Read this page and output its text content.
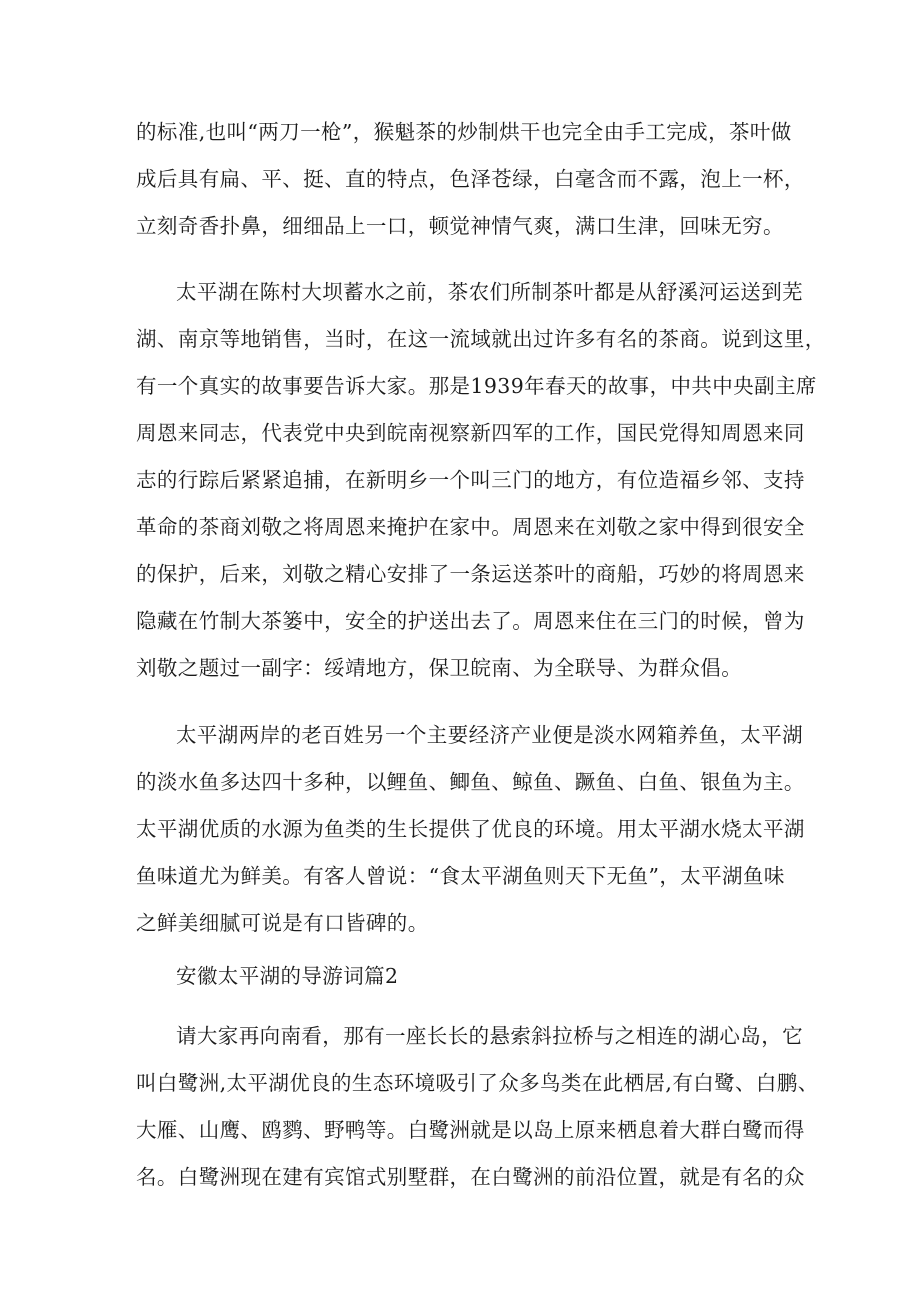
的标准,也叫“两刀一枪”，猴魁茶的炒制烘干也完全由手工完成，茶叶做
成后具有扁、平、挺、直的特点，色泽苍绿，白毫含而不露，泡上一杯，
立刻奇香扑鼻，细细品上一口，顿觉神情气爽，满口生津，回味无穷。
太平湖在陈村大坝蓄水之前，茶农们所制茶叶都是从舒溪河运送到芜
湖、南京等地销售，当时，在这一流域就出过许多有名的茶商。说到这里，
有一个真实的故事要告诉大家。那是1939年春天的故事，中共中央副主席
周恩来同志，代表党中央到皖南视察新四军的工作，国民党得知周恩来同
志的行踪后紧紧追捕，在新明乡一个叫三门的地方，有位造福乡邻、支持
革命的茶商刘敬之将周恩来掩护在家中。周恩来在刘敬之家中得到很安全
的保护，后来，刘敬之精心安排了一条运送茶叶的商船，巧妙的将周恩来
隐藏在竹制大茶篓中，安全的护送出去了。周恩来住在三门的时候，曾为
刘敬之题过一副字：绥靖地方，保卫皖南、为全联导、为群众倡。
太平湖两岸的老百姓另一个主要经济产业便是淡水网箱养鱼，太平湖
的淡水鱼多达四十多种，以鲤鱼、鲫鱼、鲸鱼、蹶鱼、白鱼、银鱼为主。
太平湖优质的水源为鱼类的生长提供了优良的环境。用太平湖水烧太平湖
鱼味道尤为鲜美。有客人曾说：“食太平湖鱼则天下无鱼”，太平湖鱼味
之鲜美细腻可说是有口皆碑的。
安徽太平湖的导游词篇2
请大家再向南看，那有一座长长的悬索斜拉桥与之相连的湖心岛，它
叫白鹭洲,太平湖优良的生态环境吸引了众多鸟类在此栖居,有白鹭、白鹏、
大雁、山鹰、鸥鹨、野鸭等。白鹭洲就是以岛上原来栖息着大群白鹭而得
名。白鹭洲现在建有宾馆式别墅群，在白鹭洲的前沿位置，就是有名的众
